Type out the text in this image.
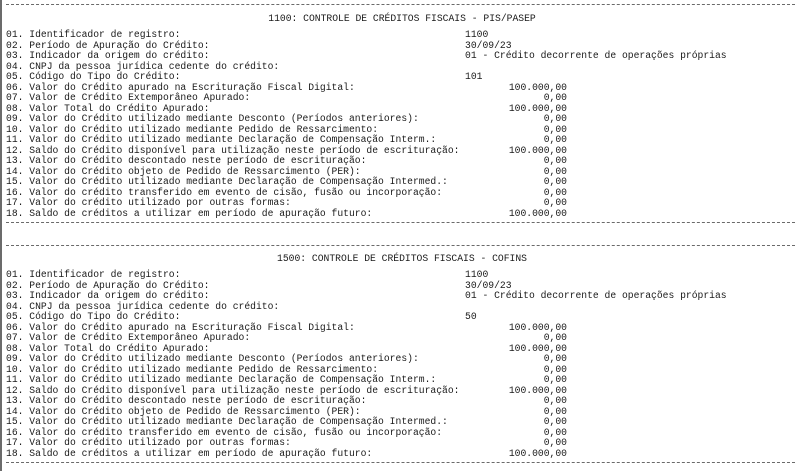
1100: CONTROLE DE CRÉDITOS FISCAIS - PIS/PASEP
01. Identificador de registro:	1100
02. Período de Apuração do Crédito:	30/09/23
03. Indicador da origem do crédito:	01 - Crédito decorrente de operações próprias
04. CNPJ da pessoa jurídica cedente do crédito:
05. Código do Tipo do Crédito:	101
06. Valor do Crédito apurado na Escrituração Fiscal Digital:	100.000,00
07. Valor de Crédito Extemporâneo Apurado:	0,00
08. Valor Total do Crédito Apurado:	100.000,00
09. Valor do Crédito utilizado mediante Desconto (Períodos anteriores):	0,00
10. Valor do Crédito utilizado mediante Pedido de Ressarcimento:	0,00
11. Valor do Crédito utilizado mediante Declaração de Compensação Interm.:	0,00
12. Saldo do Crédito disponível para utilização neste período de escrituração:	100.000,00
13. Valor do Crédito descontado neste período de escrituração:	0,00
14. Valor do Crédito objeto de Pedido de Ressarcimento (PER):	0,00
15. Valor do Crédito utilizado mediante Declaração de Compensação Intermed.:	0,00
16. Valor do crédito transferido em evento de cisão, fusão ou incorporação:	0,00
17. Valor do crédito utilizado por outras formas:	0,00
18. Saldo de créditos a utilizar em período de apuração futuro:	100.000,00
1500: CONTROLE DE CRÉDITOS FISCAIS - COFINS
01. Identificador de registro:	1100
02. Período de Apuração do Crédito:	30/09/23
03. Indicador da origem do crédito:	01 - Crédito decorrente de operações próprias
04. CNPJ da pessoa jurídica cedente do crédito:
05. Código do Tipo do Crédito:	50
06. Valor do Crédito apurado na Escrituração Fiscal Digital:	100.000,00
07. Valor de Crédito Extemporâneo Apurado:	0,00
08. Valor Total do Crédito Apurado:	100.000,00
09. Valor do Crédito utilizado mediante Desconto (Períodos anteriores):	0,00
10. Valor do Crédito utilizado mediante Pedido de Ressarcimento:	0,00
11. Valor do Crédito utilizado mediante Declaração de Compensação Interm.:	0,00
12. Saldo do Crédito disponível para utilização neste período de escrituração:	100.000,00
13. Valor do Crédito descontado neste período de escrituração:	0,00
14. Valor do Crédito objeto de Pedido de Ressarcimento (PER):	0,00
15. Valor do Crédito utilizado mediante Declaração de Compensação Intermed.:	0,00
16. Valor do crédito transferido em evento de cisão, fusão ou incorporação:	0,00
17. Valor do crédito utilizado por outras formas:	0,00
18. Saldo de créditos a utilizar em período de apuração futuro:	100.000,00
